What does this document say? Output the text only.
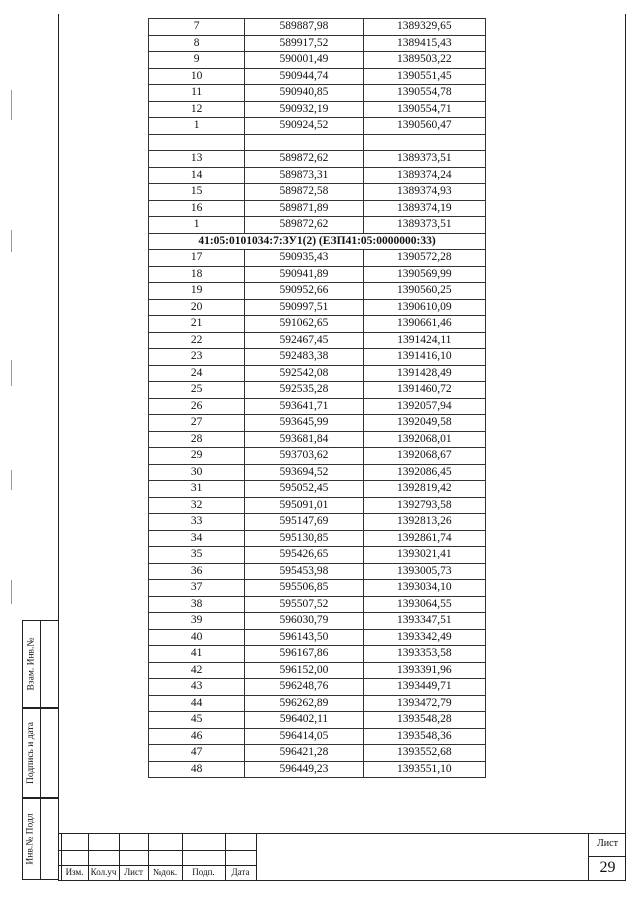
7	589887,98	1389329,65
8	589917,52	1389415,43
9	590001,49	1389503,22
10	590944,74	1390551,45
11	590940,85	1390554,78
12	590932,19	1390554,71
1	590924,52	1390560,47

13	589872,62	1389373,51
14	589873,31	1389374,24
15	589872,58	1389374,93
16	589871,89	1389374,19
1	589872,62	1389373,51
41:05:0101034:7:ЗУ1(2) (ЕЗП41:05:0000000:33)		
17	590935,43	1390572,28
18	590941,89	1390569,99
19	590952,66	1390560,25
20	590997,51	1390610,09
21	591062,65	1390661,46
22	592467,45	1391424,11
23	592483,38	1391416,10
24	592542,08	1391428,49
25	592535,28	1391460,72
26	593641,71	1392057,94
27	593645,99	1392049,58
28	593681,84	1392068,01
29	593703,62	1392068,67
30	593694,52	1392086,45
31	595052,45	1392819,42
32	595091,01	1392793,58
33	595147,69	1392813,26
34	595130,85	1392861,74
35	595426,65	1393021,41
36	595453,98	1393005,73
37	595506,85	1393034,10
38	595507,52	1393064,55
39	596030,79	1393347,51
40	596143,50	1393342,49
41	596167,86	1393353,58
42	596152,00	1393391,96
43	596248,76	1393449,71
44	596262,89	1393472,79
45	596402,11	1393548,28
46	596414,05	1393548,36
47	596421,28	1393552,68
48	596449,23	1393551,10
Взам. Инв.№
Подпись и дата
Инв.№ Подл
Изм. Кол.уч Лист	№док.	Подп.	Дата
Лист
29
